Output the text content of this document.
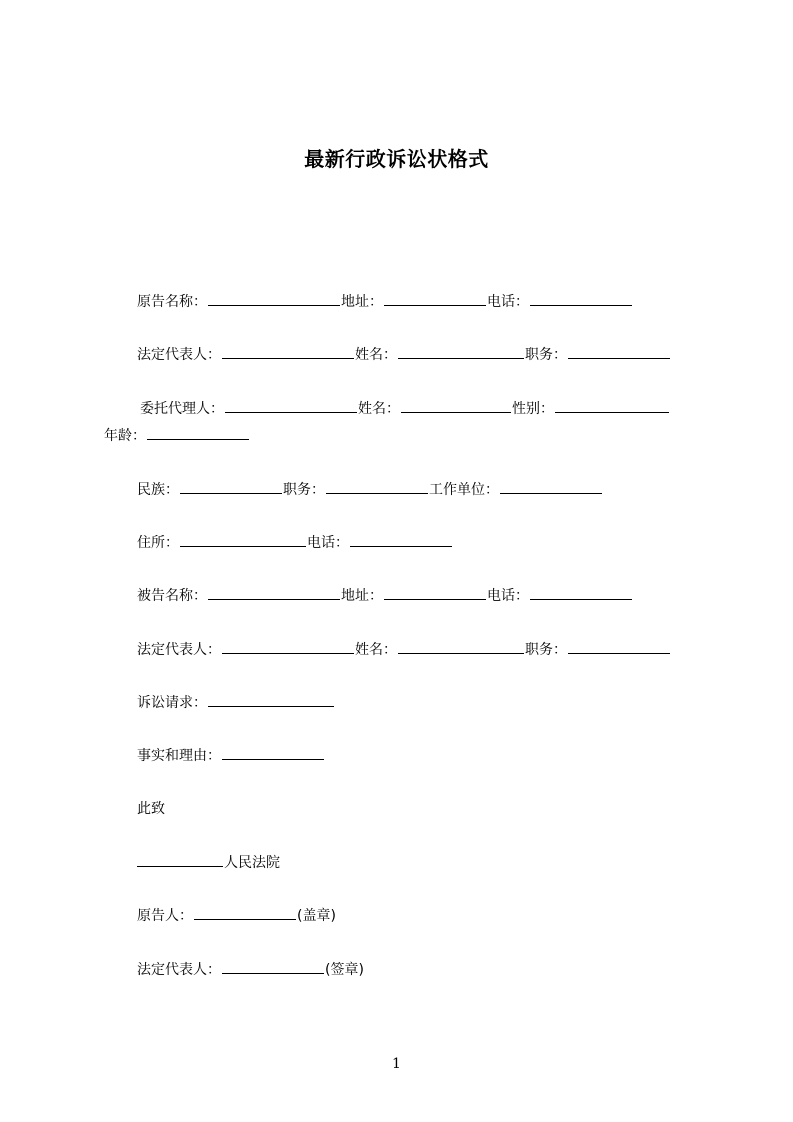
最新行政诉讼状格式
原告名称：	地址：	电话：
法定代表人：	姓名：	职务：
委托代理人：	姓名：	性别：
年龄：
民族：	职务：	工作单位：
住所：	电话：
被告名称：	地址：	电话：
法定代表人：	姓名：	职务：
诉讼请求：
事实和理由：
此致
人民法院
原告人：	(盖章)
法定代表人：	(签章)
1
